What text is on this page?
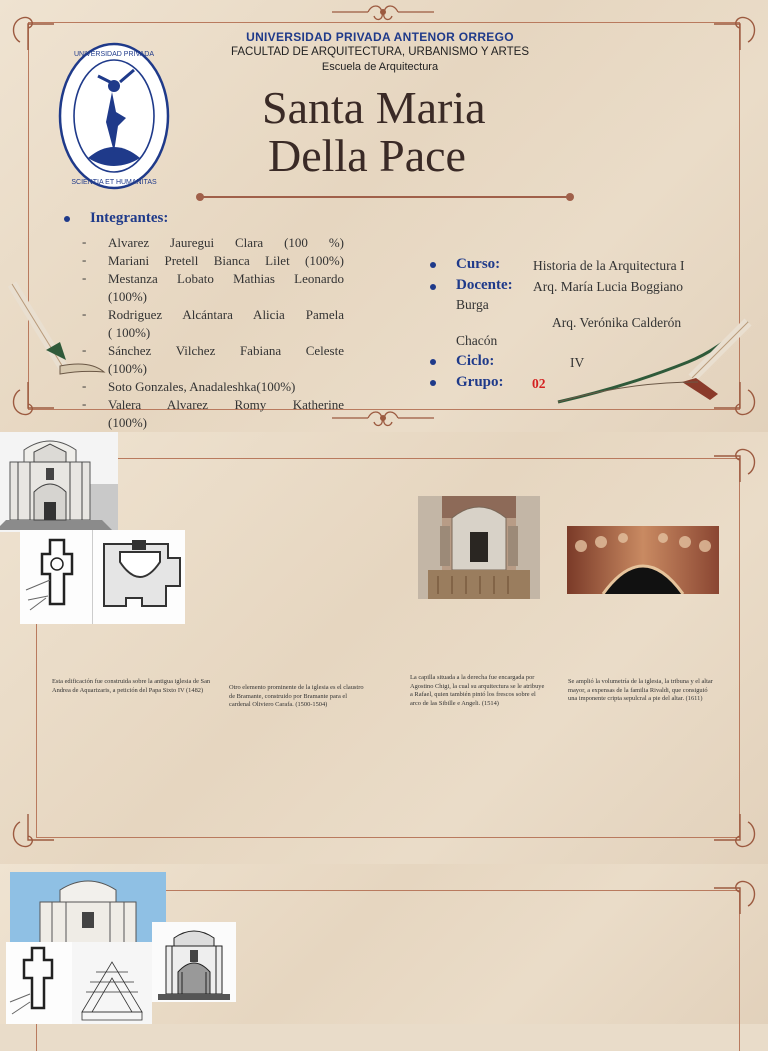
UNIVERSIDAD PRIVADA
SCIENTIA ET HUMANITAS
UNIVERSIDAD PRIVADA ANTENOR ORREGO
FACULTAD DE ARQUITECTURA, URBANISMO Y ARTES
Escuela de Arquitectura
Santa Maria
Della Pace
Integrantes:
- Alvarez Jauregui Clara (100 %)
- Mariani Pretell Bianca Lilet (100%)
- Mestanza Lobato Mathias Leonardo
(100%)
- Rodriguez Alcántara Alicia Pamela
( 100%)
- Sánchez Vilchez Fabiana Celeste
(100%)
- Soto Gonzales, Anadaleshka(100%)
- Valera Alvarez Romy Katherine
(100%)
Curso: Historia de la Arquitectura I
Docente: Arq. María Lucia Boggiano
Burga
Arq. Verónika Calderón
Chacón
Ciclo:	IV
Grupo: 02
Esta edificación fue construida sobre la antigua iglesia de San Andrea de Aquarizaris, a petición del Papa Sixto IV (1482)	Otro elemento prominente de la iglesia es el claustro de Bramante, construido por Bramante para el cardenal Oliviero Carafa. (1500-1504)
La capilla situada a la derecha fue encargada por Agostino Chigi, la cual su arquitectura se le atribuye a Rafael, quien también pintó los frescos sobre el arco de las Sibille e Angeli. (1514)
Se amplió la volumetría de la iglesia, la tribuna y el altar mayor, a expensas de la familia Rivaldi, que consiguió una imponente cripta sepulcral a pie del altar. (1611)
